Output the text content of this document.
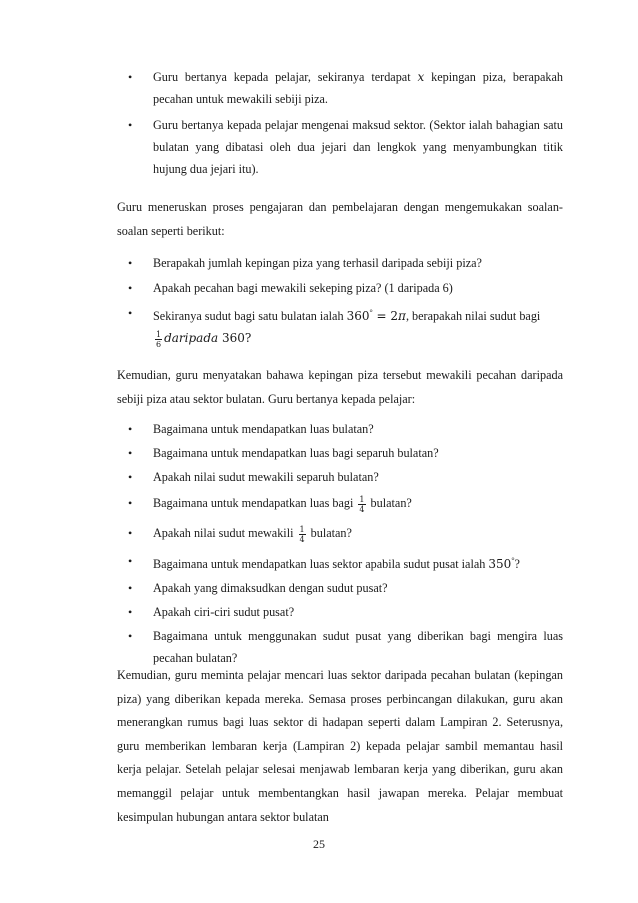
• Guru bertanya kepada pelajar, sekiranya terdapat x kepingan piza, berapakah pecahan untuk mewakili sebiji piza.
• Guru bertanya kepada pelajar mengenai maksud sektor. (Sektor ialah bahagian satu bulatan yang dibatasi oleh dua jejari dan lengkok yang menyambungkan titik hujung dua jejari itu).

Guru meneruskan proses pengajaran dan pembelajaran dengan mengemukakan soalan-soalan seperti berikut:

• Berapakah jumlah kepingan piza yang terhasil daripada sebiji piza?
• Apakah pecahan bagi mewakili sekeping piza? (1 daripada 6)
• Sekiranya sudut bagi satu bulatan ialah 360° = 2π, berapakah nilai sudut bagi

$\frac{1}{6}$ daripada 360?

Kemudian, guru menyatakan bahawa kepingan piza tersebut mewakili pecahan daripada sebiji piza atau sektor bulatan. Guru bertanya kepada pelajar:

• Bagaimana untuk mendapatkan luas bulatan?
• Bagaimana untuk mendapatkan luas bagi separuh bulatan?
• Apakah nilai sudut mewakili separuh bulatan?
• Bagaimana untuk mendapatkan luas bagi $\frac{1}{4}$ bulatan?
• Apakah nilai sudut mewakili $\frac{1}{4}$ bulatan?
• Bagaimana untuk mendapatkan luas sektor apabila sudut pusat ialah 350°?
• Apakah yang dimaksudkan dengan sudut pusat?
• Apakah ciri-ciri sudut pusat?
• Bagaimana untuk menggunakan sudut pusat yang diberikan bagi mengira luas pecahan bulatan?

Kemudian, guru meminta pelajar mencari luas sektor daripada pecahan bulatan (kepingan piza) yang diberikan kepada mereka. Semasa proses perbincangan dilakukan, guru akan menerangkan rumus bagi luas sektor di hadapan seperti dalam Lampiran 2. Seterusnya, guru memberikan lembaran kerja (Lampiran 2) kepada pelajar sambil memantau hasil kerja pelajar. Setelah pelajar selesai menjawab lembaran kerja yang diberikan, guru akan memanggil pelajar untuk membentangkan hasil jawapan mereka. Pelajar membuat kesimpulan hubungan antara sektor bulatan

25
